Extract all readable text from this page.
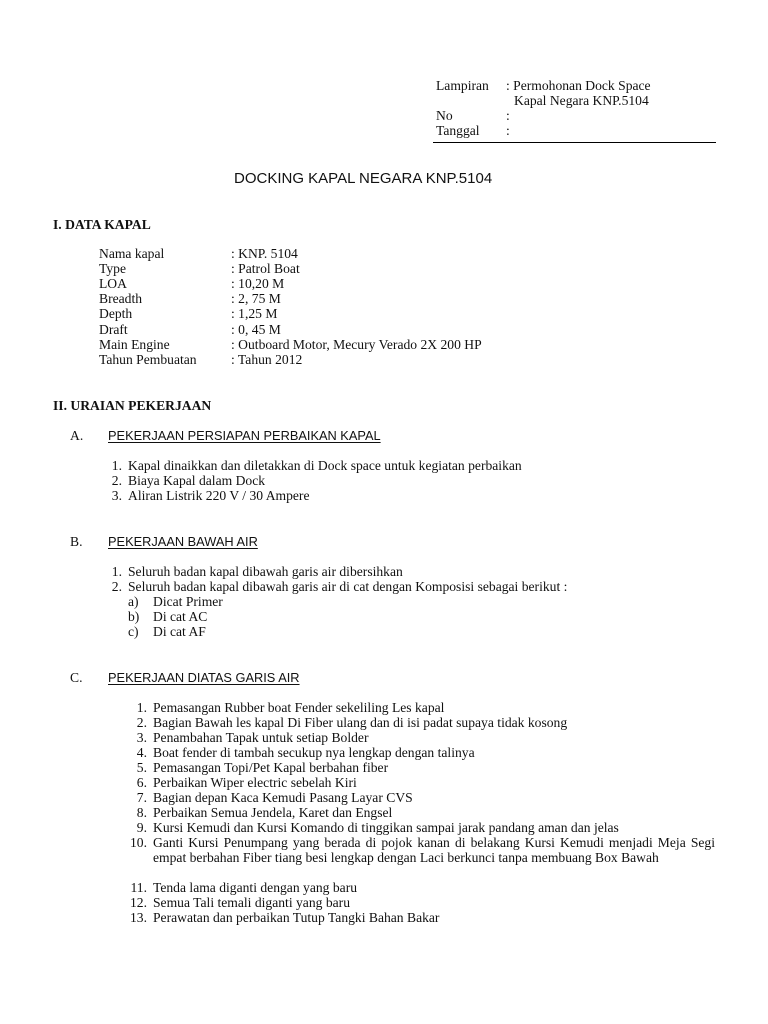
Lampiran : Permohonan Dock Space
Kapal Negara KNP.5104
No	:
Tanggal :
DOCKING KAPAL NEGARA KNP.5104
I. DATA KAPAL
Nama kapal	: KNP. 5104
Type	: Patrol Boat
LOA	: 10,20 M
Breadth	: 2, 75 M
Depth	: 1,25 M
Draft	: 0, 45 M
Main Engine	: Outboard Motor, Mecury Verado 2X 200 HP
Tahun Pembuatan	: Tahun 2012
II. URAIAN PEKERJAAN
A. PEKERJAAN PERSIAPAN PERBAIKAN KAPAL
1. Kapal dinaikkan dan diletakkan di Dock space untuk kegiatan perbaikan
2. Biaya Kapal dalam Dock
3. Aliran Listrik 220 V / 30 Ampere
B. PEKERJAAN BAWAH AIR
1. Seluruh badan kapal dibawah garis air dibersihkan
2. Seluruh badan kapal dibawah garis air di cat dengan Komposisi sebagai berikut :
a) Dicat Primer
b) Di cat AC
c) Di cat AF
C. PEKERJAAN DIATAS GARIS AIR
1. Pemasangan Rubber boat Fender sekeliling Les kapal
2. Bagian Bawah les kapal Di Fiber ulang dan di isi padat supaya tidak kosong
3. Penambahan Tapak untuk setiap Bolder
4. Boat fender di tambah secukup nya lengkap dengan talinya
5. Pemasangan Topi/Pet Kapal berbahan fiber
6. Perbaikan Wiper electric sebelah Kiri
7. Bagian depan Kaca Kemudi Pasang Layar CVS
8. Perbaikan Semua Jendela, Karet dan Engsel
9. Kursi Kemudi dan Kursi Komando di tinggikan sampai jarak pandang aman dan jelas
10. Ganti Kursi Penumpang yang berada di pojok kanan di belakang Kursi Kemudi menjadi Meja Segi empat berbahan Fiber tiang besi lengkap dengan Laci berkunci tanpa membuang Box Bawah
11. Tenda lama diganti dengan yang baru
12. Semua Tali temali diganti yang baru
13. Perawatan dan perbaikan Tutup Tangki Bahan Bakar
